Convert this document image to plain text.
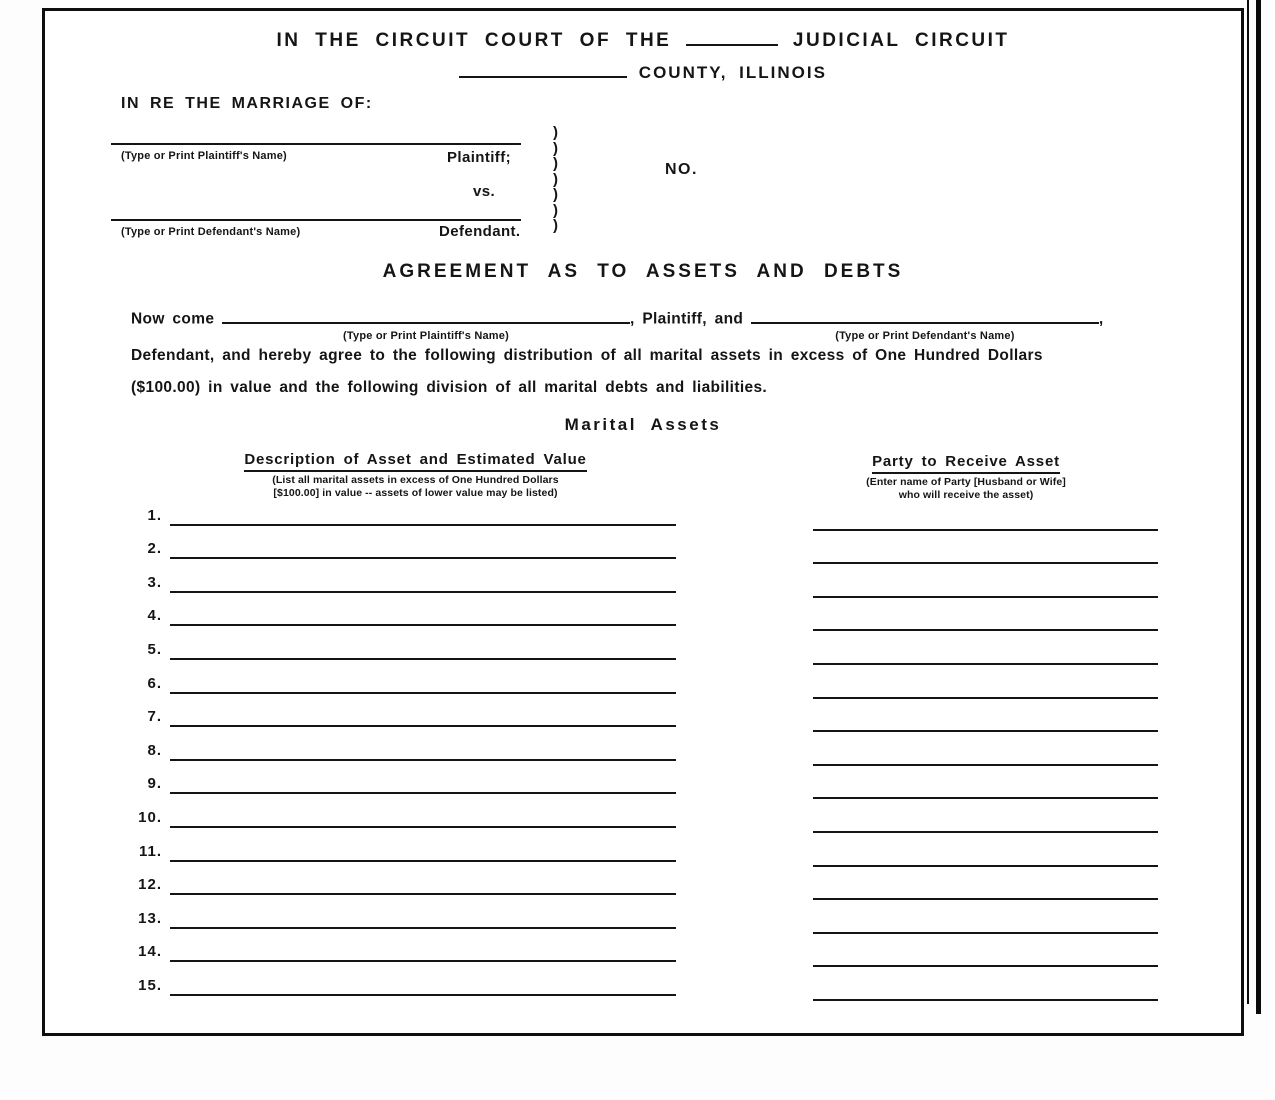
IN THE CIRCUIT COURT OF THE	JUDICIAL CIRCUIT
COUNTY, ILLINOIS
IN RE THE MARRIAGE OF:
(Type or Print Plaintiff's Name)	Plaintiff;
vs.
(Type or Print Defendant's Name)	Defendant.
)
)
)
)
)
)
)
NO.
AGREEMENT AS TO ASSETS AND DEBTS
Now come
(Type or Print Plaintiff's Name)
, Plaintiff, and
(Type or Print Defendant's Name)
,
Defendant, and hereby agree to the following distribution of all marital assets in excess of One Hundred Dollars
($100.00) in value and the following division of all marital debts and liabilities.
Marital Assets
Description of Asset and Estimated Value
(List all marital assets in excess of One Hundred Dollars
[$100.00] in value -- assets of lower value may be listed)
Party to Receive Asset
(Enter name of Party [Husband or Wife]
who will receive the asset)
1.
2.
3.
4.
5.
6.
7.
8.
9.
10.
11.
12.
13.
14.
15.
